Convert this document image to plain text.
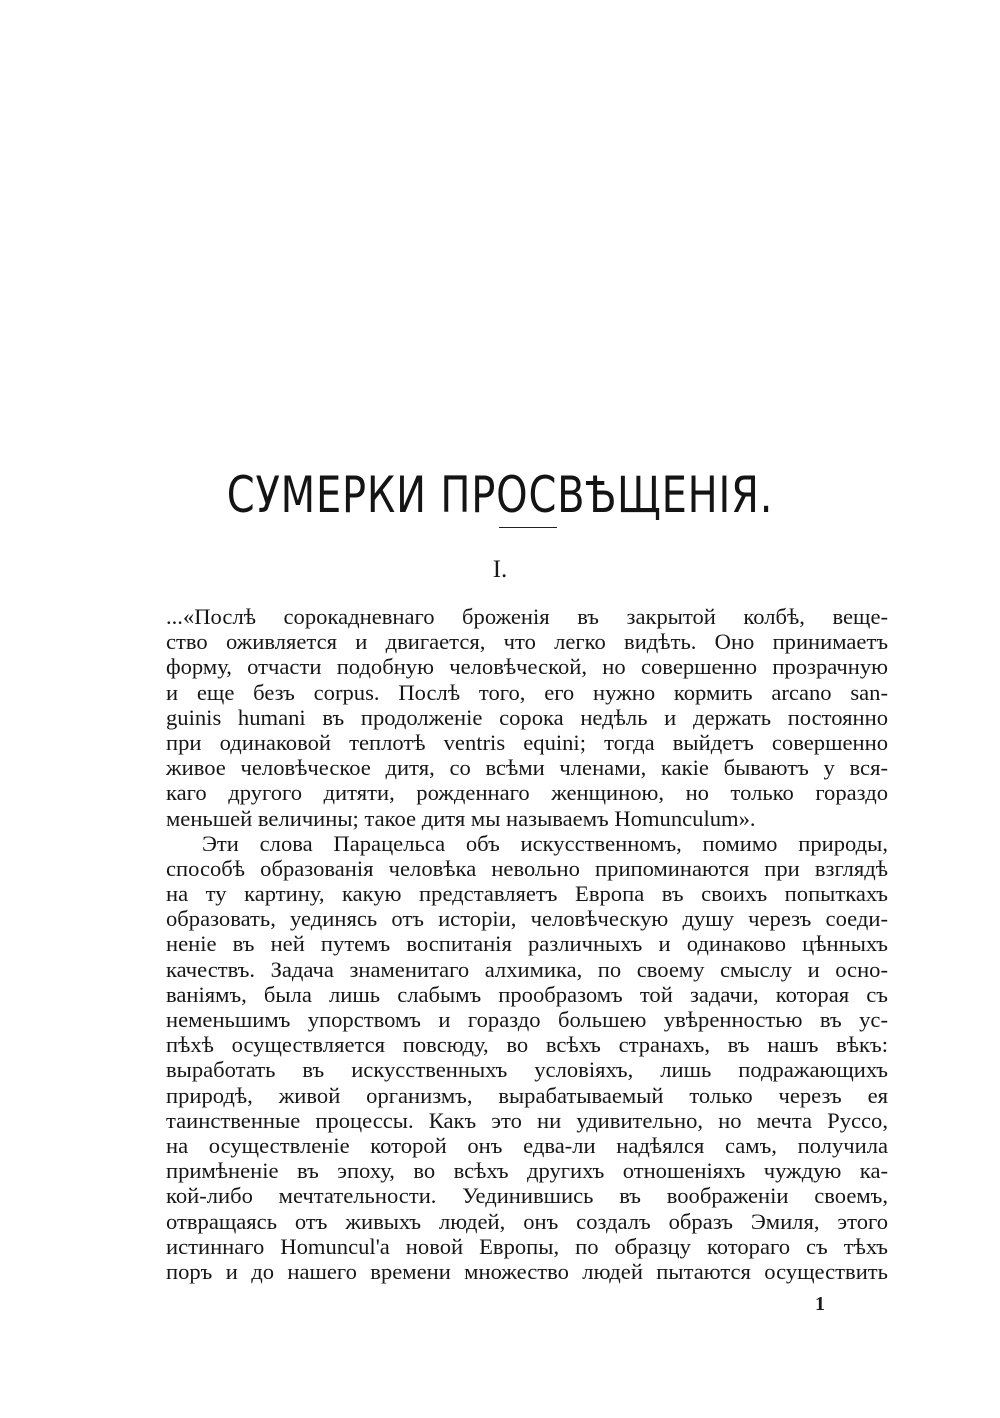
СУМЕРКИ ПРОСВѢЩЕНІЯ.
I.
...«Послѣ сорокадневнаго броженія въ закрытой колбѣ, веще-
ство оживляется и двигается, что легко видѣть. Оно принимаетъ
форму, отчасти подобную человѣческой, но совершенно прозрачную
и еще безъ corpus. Послѣ того, его нужно кормить arcano san-
guinis humani въ продолженіе сорока недѣль и держать постоянно
при одинаковой теплотѣ ventris equini; тогда выйдетъ совершенно
живое человѣческое дитя, со всѣми членами, какіе бываютъ у вся-
каго другого дитяти, рожденнаго женщиною, но только гораздо
меньшей величины; такое дитя мы называемъ Homunculum».
Эти слова Парацельса объ искусственномъ, помимо природы,
способѣ образованія человѣка невольно припоминаются при взглядѣ
на ту картину, какую представляетъ Европа въ своихъ попыткахъ
образовать, уединясь отъ исторіи, человѣческую душу черезъ соеди-
неніе въ ней путемъ воспитанія различныхъ и одинаково цѣнныхъ
качествъ. Задача знаменитаго алхимика, по своему смыслу и осно-
ваніямъ, была лишь слабымъ прообразомъ той задачи, которая съ
неменьшимъ упорствомъ и гораздо большею увѣренностью въ ус-
пѣхѣ осуществляется повсюду, во всѣхъ странахъ, въ нашъ вѣкъ:
выработать въ искусственныхъ условіяхъ, лишь подражающихъ
природѣ, живой организмъ, вырабатываемый только черезъ ея
таинственные процессы. Какъ это ни удивительно, но мечта Руссо,
на осуществленіе которой онъ едва-ли надѣялся самъ, получила
примѣненіе въ эпоху, во всѣхъ другихъ отношеніяхъ чуждую ка-
кой-либо мечтательности. Уединившись въ воображеніи своемъ,
отвращаясь отъ живыхъ людей, онъ создалъ образъ Эмиля, этого
истиннаго Homuncul'а новой Европы, по образцу котораго съ тѣхъ
поръ и до нашего времени множество людей пытаются осуществить
1
